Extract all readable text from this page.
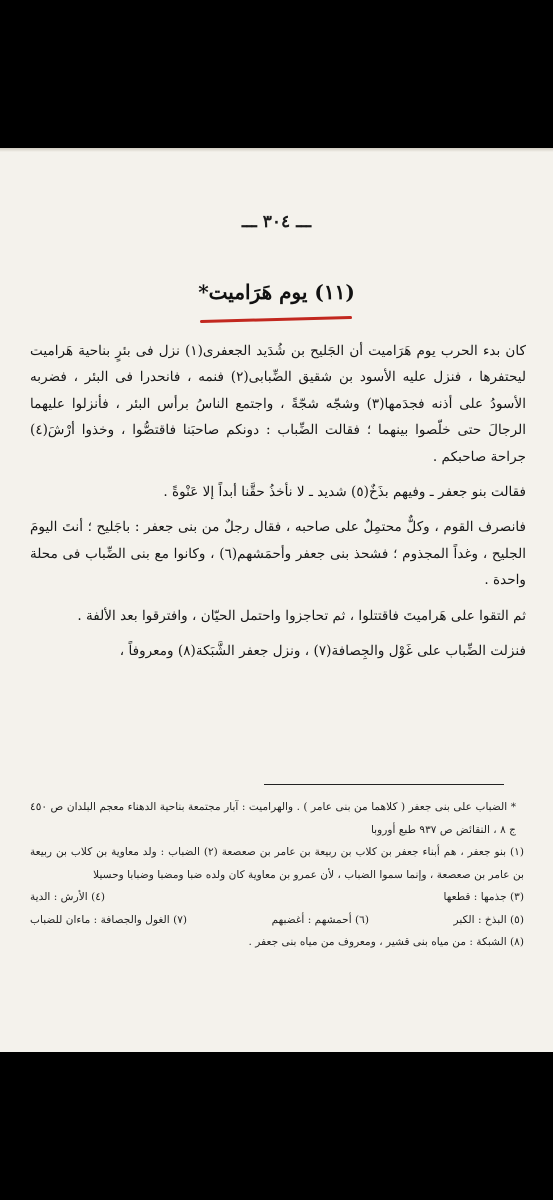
ـــ ٣٠٤ ـــ
(١١) يوم هَرَاميت*

كان بدء الحرب يوم هَرَاميت أن الجَليح بن شُدَيد الجعفرى(١) نزل فى بئرٍ بناحية هَراميت ليحتفرها ، فنزل عليه الأسود بن شقيق الضِّبابى(٢) فنمه ، فانحدرا فى البئر ، فضربه الأسودُ على أذنه فجدَمها(٣) وشجّه شجّةً ، واجتمع الناسُ برأس البئر ، فأنزلوا عليهما الرجالَ حتى خلّصوا بينهما ؛ فقالت الضِّباب : دونكم صاحبَنا فاقتصُّوا ، وخذوا أرْشَ(٤) جراحة صاحبكم .

فقالت بنو جعفر ـ وفيهم بذَخٌ(٥) شديد ـ لا نأخذُ حقَّنا أبداً إلا عَنْوةً .

فانصرف القوم ، وكلٌّ محتمِلٌ على صاحبه ، فقال رجلٌ من بنى جعفر : باجَليح ؛ أنتَ اليومَ الجليح ، وغداً المجذوم ؛ فشحذ بنى جعفر وأحمَشهم(٦) ، وكانوا مع بنى الضِّباب فى محلة واحدة .

ثم التقوا على هَراميتَ فاقتتلوا ، ثم تحاجزوا واحتمل الحيّان ، وافترقوا بعد الألفة .

فنزلت الضِّباب على غَوْل والجِصافة(٧) ، ونزل جعفر الشَّبَكة(٨) ومعروفاً ،

* الضباب على بنى جعفر ( كلاهما من بنى عامر ) . والهراميت : آبار مجتمعة بناحية الدهناء معجم البلدان ص ٤٥٠ ج ٨ ، النقائض ص ٩٣٧ طبع أوروبا

(١) بنو جعفر ، هم أبناء جعفر بن كلاب بن ربيعة بن عامر بن صعصعة (٢) الضباب : ولد معاوية بن كلاب بن ربيعة بن عامر بن صعصعة ، وإنما سموا الضباب ، لأن عمرو بن معاوية كان ولده ضبا ومضبا وضبابا وحسيلا

(٣) جذمها : قطعها
(٤) الأرش : الدية
(٥) البذخ : الكبر
(٦) أحمشهم : أغضبهم
(٧) الغول والجصافة : ماءان للضباب

(٨) الشبكة : من مياه بنى قشير ، ومعروف من مياه بنى جعفر .
